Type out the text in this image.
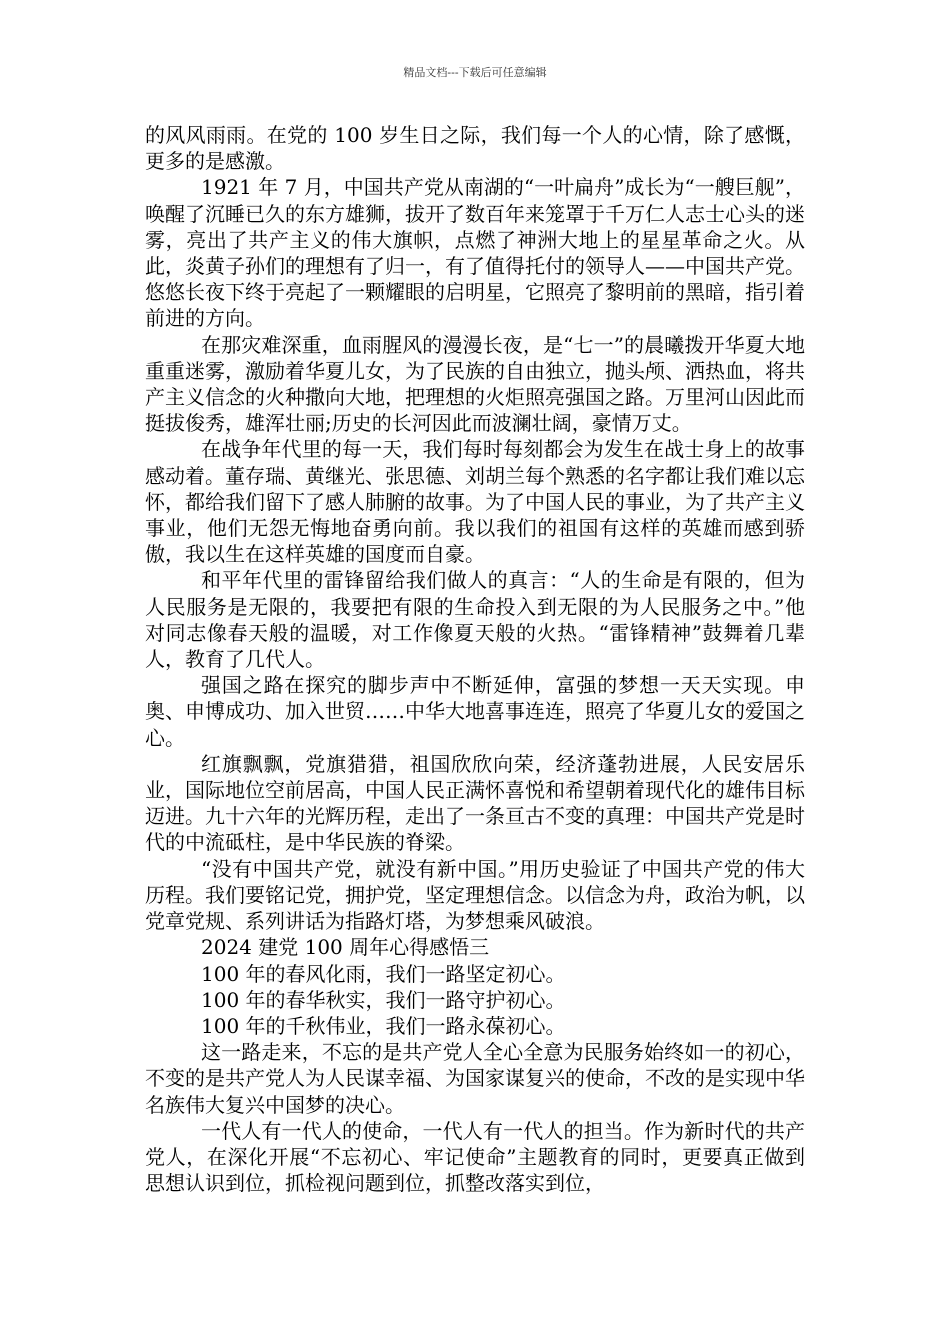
精品文档---下载后可任意编辑

的风风雨雨。在党的 100 岁生日之际，我们每一个人的心情，除了感慨，更多的是感激。

1921 年 7 月，中国共产党从南湖的“一叶扁舟”成长为“一艘巨舰”，唤醒了沉睡已久的东方雄狮，拔开了数百年来笼罩于千万仁人志士心头的迷雾，亮出了共产主义的伟大旗帜，点燃了神洲大地上的星星革命之火。从此，炎黄子孙们的理想有了归一，有了值得托付的领导人——中国共产党。悠悠长夜下终于亮起了一颗耀眼的启明星，它照亮了黎明前的黑暗，指引着前进的方向。

在那灾难深重，血雨腥风的漫漫长夜，是“七一”的晨曦拨开华夏大地重重迷雾，激励着华夏儿女，为了民族的自由独立，抛头颅、洒热血，将共产主义信念的火种撒向大地，把理想的火炬照亮强国之路。万里河山因此而挺拔俊秀，雄浑壮丽;历史的长河因此而波澜壮阔，豪情万丈。

在战争年代里的每一天，我们每时每刻都会为发生在战士身上的故事感动着。董存瑞、黄继光、张思德、刘胡兰每个熟悉的名字都让我们难以忘怀，都给我们留下了感人肺腑的故事。为了中国人民的事业，为了共产主义事业，他们无怨无悔地奋勇向前。我以我们的祖国有这样的英雄而感到骄傲，我以生在这样英雄的国度而自豪。

和平年代里的雷锋留给我们做人的真言：“人的生命是有限的，但为人民服务是无限的，我要把有限的生命投入到无限的为人民服务之中。”他对同志像春天般的温暖，对工作像夏天般的火热。“雷锋精神”鼓舞着几辈人，教育了几代人。

强国之路在探究的脚步声中不断延伸，富强的梦想一天天实现。申奥、申博成功、加入世贸……中华大地喜事连连，照亮了华夏儿女的爱国之心。

红旗飘飘，党旗猎猎，祖国欣欣向荣，经济蓬勃进展，人民安居乐业，国际地位空前居高，中国人民正满怀喜悦和希望朝着现代化的雄伟目标迈进。九十六年的光辉历程，走出了一条亘古不变的真理：中国共产党是时代的中流砥柱，是中华民族的脊梁。

“没有中国共产党，就没有新中国。”用历史验证了中国共产党的伟大历程。我们要铭记党，拥护党，坚定理想信念。以信念为舟，政治为帆，以党章党规、系列讲话为指路灯塔，为梦想乘风破浪。

2024 建党 100 周年心得感悟三

100 年的春风化雨，我们一路坚定初心。

100 年的春华秋实，我们一路守护初心。

100 年的千秋伟业，我们一路永葆初心。

这一路走来，不忘的是共产党人全心全意为民服务始终如一的初心，不变的是共产党人为人民谋幸福、为国家谋复兴的使命，不改的是实现中华名族伟大复兴中国梦的决心。

一代人有一代人的使命，一代人有一代人的担当。作为新时代的共产党人，在深化开展“不忘初心、牢记使命”主题教育的同时，更要真正做到思想认识到位，抓检视问题到位，抓整改落实到位，
